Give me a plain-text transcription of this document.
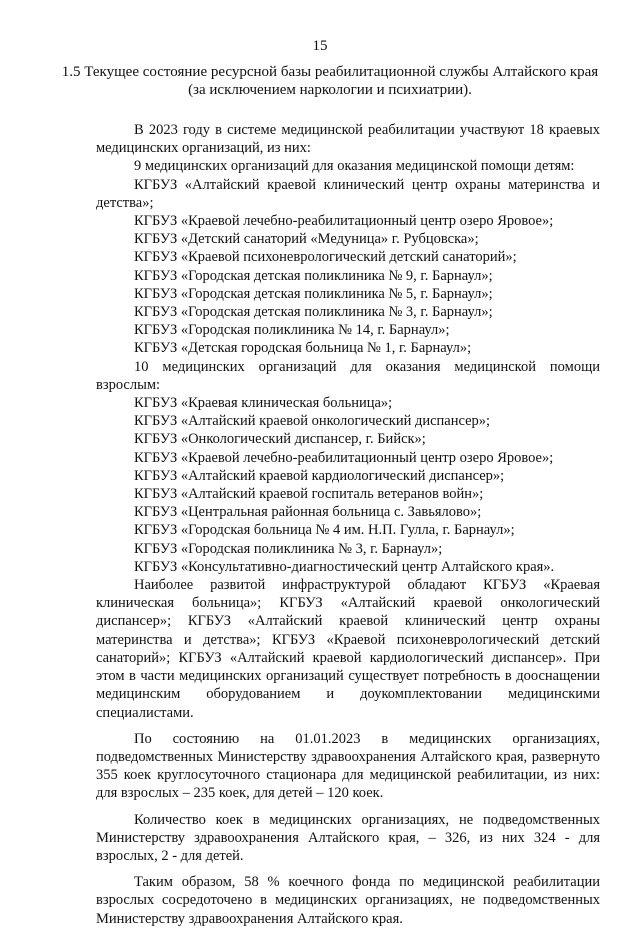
15
1.5 Текущее состояние ресурсной базы реабилитационной службы Алтайского края (за исключением наркологии и психиатрии).

В 2023 году в системе медицинской реабилитации участвуют 18 краевых медицинских организаций, из них:

9 медицинских организаций для оказания медицинской помощи детям:

КГБУЗ «Алтайский краевой клинический центр охраны материнства и детства»;

КГБУЗ «Краевой лечебно-реабилитационный центр озеро Яровое»;

КГБУЗ «Детский санаторий «Медуница» г. Рубцовска»;

КГБУЗ «Краевой психоневрологический детский санаторий»;

КГБУЗ «Городская детская поликлиника № 9, г. Барнаул»;

КГБУЗ «Городская детская поликлиника № 5, г. Барнаул»;

КГБУЗ «Городская детская поликлиника № 3, г. Барнаул»;

КГБУЗ «Городская поликлиника № 14, г. Барнаул»;

КГБУЗ «Детская городская больница № 1, г. Барнаул»;

10 медицинских организаций для оказания медицинской помощи взрослым:

КГБУЗ «Краевая клиническая больница»;

КГБУЗ «Алтайский краевой онкологический диспансер»;

КГБУЗ «Онкологический диспансер, г. Бийск»;

КГБУЗ «Краевой лечебно-реабилитационный центр озеро Яровое»;

КГБУЗ «Алтайский краевой кардиологический диспансер»;

КГБУЗ «Алтайский краевой госпиталь ветеранов войн»;

КГБУЗ «Центральная районная больница с. Завьялово»;

КГБУЗ «Городская больница № 4 им. Н.П. Гулла, г. Барнаул»;

КГБУЗ «Городская поликлиника № 3, г. Барнаул»;

КГБУЗ «Консультативно-диагностический центр Алтайского края».

Наиболее развитой инфраструктурой обладают КГБУЗ «Краевая клиническая больница»; КГБУЗ «Алтайский краевой онкологический диспансер»; КГБУЗ «Алтайский краевой клинический центр охраны материнства и детства»; КГБУЗ «Краевой психоневрологический детский санаторий»; КГБУЗ «Алтайский краевой кардиологический диспансер». При этом в части медицинских организаций существует потребность в дооснащении медицинским оборудованием и доукомплектовании медицинскими специалистами.

По состоянию на 01.01.2023 в медицинских организациях, подведомственных Министерству здравоохранения Алтайского края, развернуто 355 коек круглосуточного стационара для медицинской реабилитации, из них: для взрослых – 235 коек, для детей – 120 коек.

Количество коек в медицинских организациях, не подведомственных Министерству здравоохранения Алтайского края, – 326, из них 324 - для взрослых, 2 - для детей.

Таким образом, 58 % коечного фонда по медицинской реабилитации взрослых сосредоточено в медицинских организациях, не подведомственных Министерству здравоохранения Алтайского края.
